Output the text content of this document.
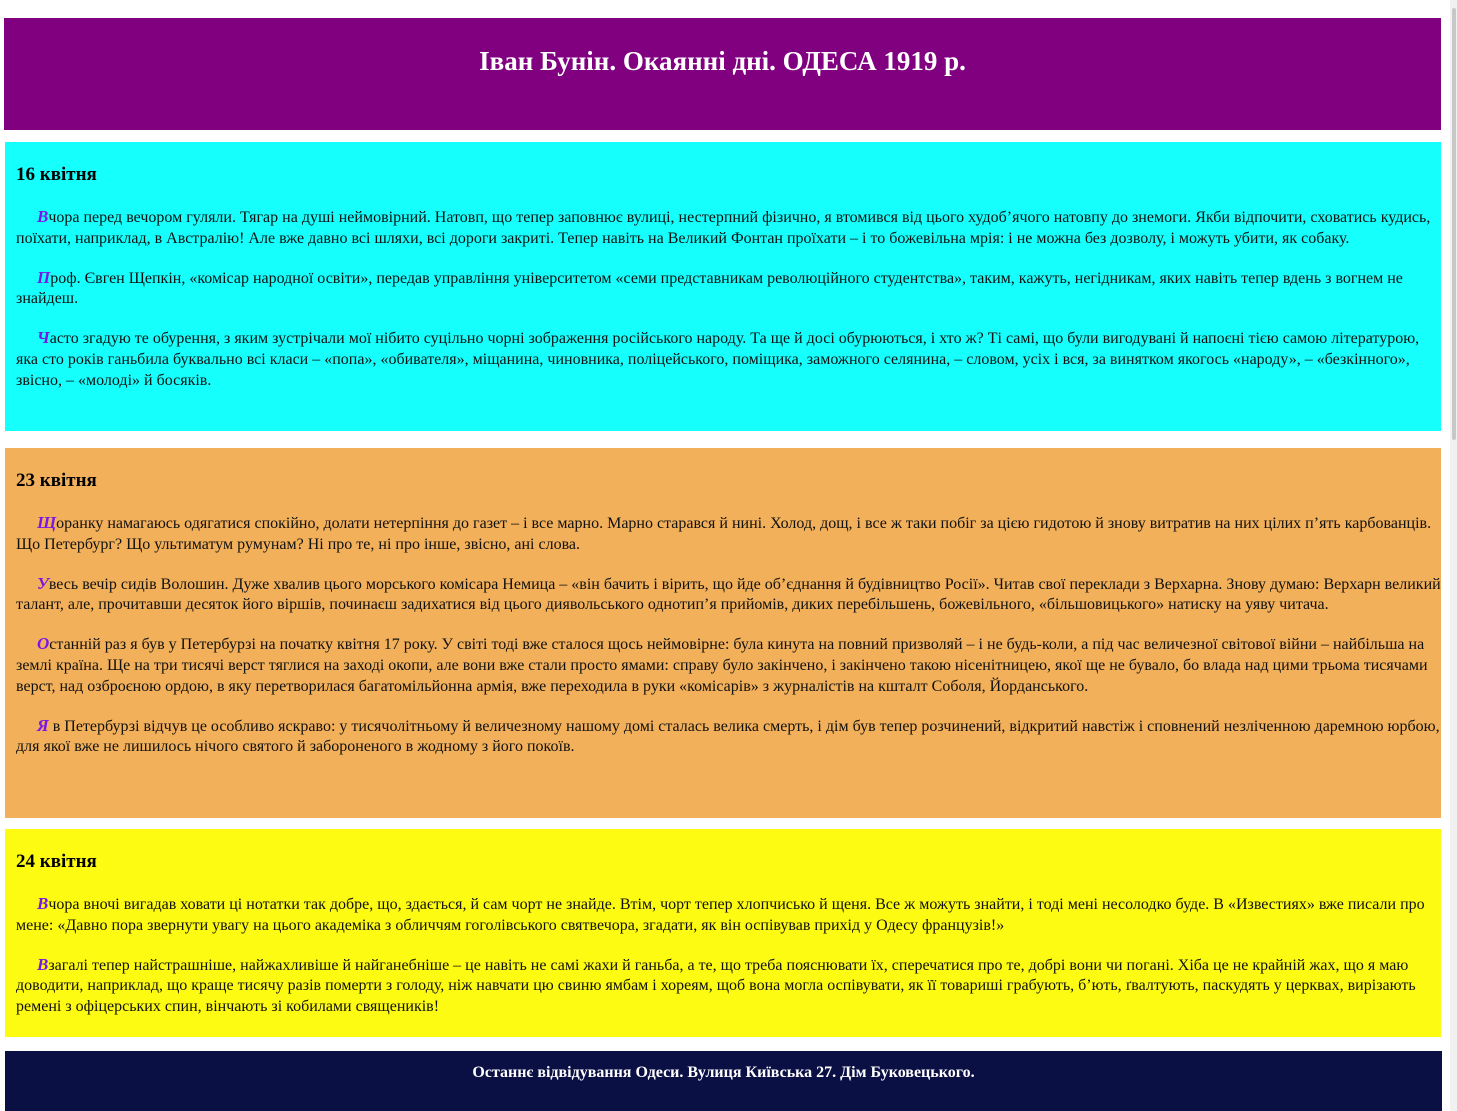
Іван Бунін. Окаянні дні. ОДЕСА 1919 р.
16 квітня

Вчора перед вечором гуляли. Тягар на душі неймовірний. Натовп, що тепер заповнює вулиці, нестерпний фізично, я втомився від цього худоб’ячого натовпу до знемоги. Якби відпочити, сховатись кудись, поїхати, наприклад, в Австралію! Але вже давно всі шляхи, всі дороги закриті. Тепер навіть на Великий Фонтан проїхати – і то божевільна мрія: і не можна без дозволу, і можуть убити, як собаку.

Проф. Євген Щепкін, «комісар народної освіти», передав управління університетом «семи представникам революційного студентства», таким, кажуть, негідникам, яких навіть тепер вдень з вогнем не знайдеш.

Часто згадую те обурення, з яким зустрічали мої нібито суцільно чорні зображення російського народу. Та ще й досі обурюються, і хто ж? Ті самі, що були вигодувані й напоєні тією самою літературою, яка сто років ганьбила буквально всі класи – «попа», «обивателя», міщанина, чиновника, поліцейського, поміщика, заможного селянина, – словом, усіх і вся, за винятком якогось «народу», – «безкінного», звісно, – «молоді» й босяків.

23 квітня

Щоранку намагаюсь одягатися спокійно, долати нетерпіння до газет – і все марно. Марно старався й нині. Холод, дощ, і все ж таки побіг за цією гидотою й знову витратив на них цілих п’ять карбованців. Що Петербург? Що ультиматум румунам? Ні про те, ні про інше, звісно, ані слова.

Увесь вечір сидів Волошин. Дуже хвалив цього морського комісара Немица – «він бачить і вірить, що йде об’єднання й будівництво Росії». Читав свої переклади з Верхарна. Знову думаю: Верхарн великий талант, але, прочитавши десяток його віршів, починаєш задихатися від цього диявольського однотип’я прийомів, диких перебільшень, божевільного, «більшовицького» натиску на уяву читача.

Останній раз я був у Петербурзі на початку квітня 17 року. У світі тоді вже сталося щось неймовірне: була кинута на повний призволяй – і не будь-коли, а під час величезної світової війни – найбільша на землі країна. Ще на три тисячі верст тяглися на заході окопи, але вони вже стали просто ямами: справу було закінчено, і закінчено такою нісенітницею, якої ще не бувало, бо влада над цими трьома тисячами верст, над озброєною ордою, в яку перетворилася багатомільйонна армія, вже переходила в руки «комісарів» з журналістів на кшталт Соболя, Йорданського.

Я в Петербурзі відчув це особливо яскраво: у тисячолітньому й величезному нашому домі сталась велика смерть, і дім був тепер розчинений, відкритий навстіж і сповнений незліченною даремною юрбою, для якої вже не лишилось нічого святого й забороненого в жодному з його покоїв.

24 квітня

Вчора вночі вигадав ховати ці нотатки так добре, що, здається, й сам чорт не знайде. Втім, чорт тепер хлопчисько й щеня. Все ж можуть знайти, і тоді мені несолодко буде. В «Известиях» вже писали про мене: «Давно пора звернути увагу на цього академіка з обличчям гоголівського святвечора, згадати, як він оспівував прихід у Одесу французів!»

Взагалі тепер найстрашніше, найжахливіше й найганебніше – це навіть не самі жахи й ганьба, а те, що треба пояснювати їх, сперечатися про те, добрі вони чи погані. Хіба це не крайній жах, що я маю доводити, наприклад, що краще тисячу разів померти з голоду, ніж навчати цю свиню ямбам і хореям, щоб вона могла оспівувати, як її товариші грабують, б’ють, ґвалтують, паскудять у церквах, вирізають ремені з офіцерських спин, вінчають зі кобилами священиків!

Останнє відвідування Одеси. Вулиця Київська 27. Дім Буковецького.
